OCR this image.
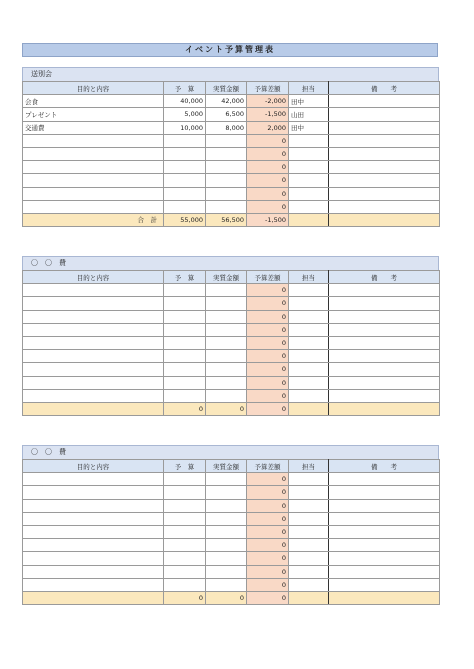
イベント予算管理表
送別会
目的と内容	予　算	実質金額	予算差額	担当	備　　考
会食	40,000	42,000	-2,000	田中	
プレゼント	5,000	6,500	-1,500	山田	
交通費	10,000	8,000	2,000	田中	
			0		
			0		
			0		
			0		
			0		
			0		
合　計	55,000	56,500	-1,500		
〇　〇　費
目的と内容	予　算	実質金額	予算差額	担当	備　　考
			0		
			0		
			0		
			0		
			0		
			0		
			0		
			0		
			0		
	0	0	0		
〇　〇　費
目的と内容	予　算	実質金額	予算差額	担当	備　　考
			0		
			0		
			0		
			0		
			0		
			0		
			0		
			0		
			0		
	0	0	0		
